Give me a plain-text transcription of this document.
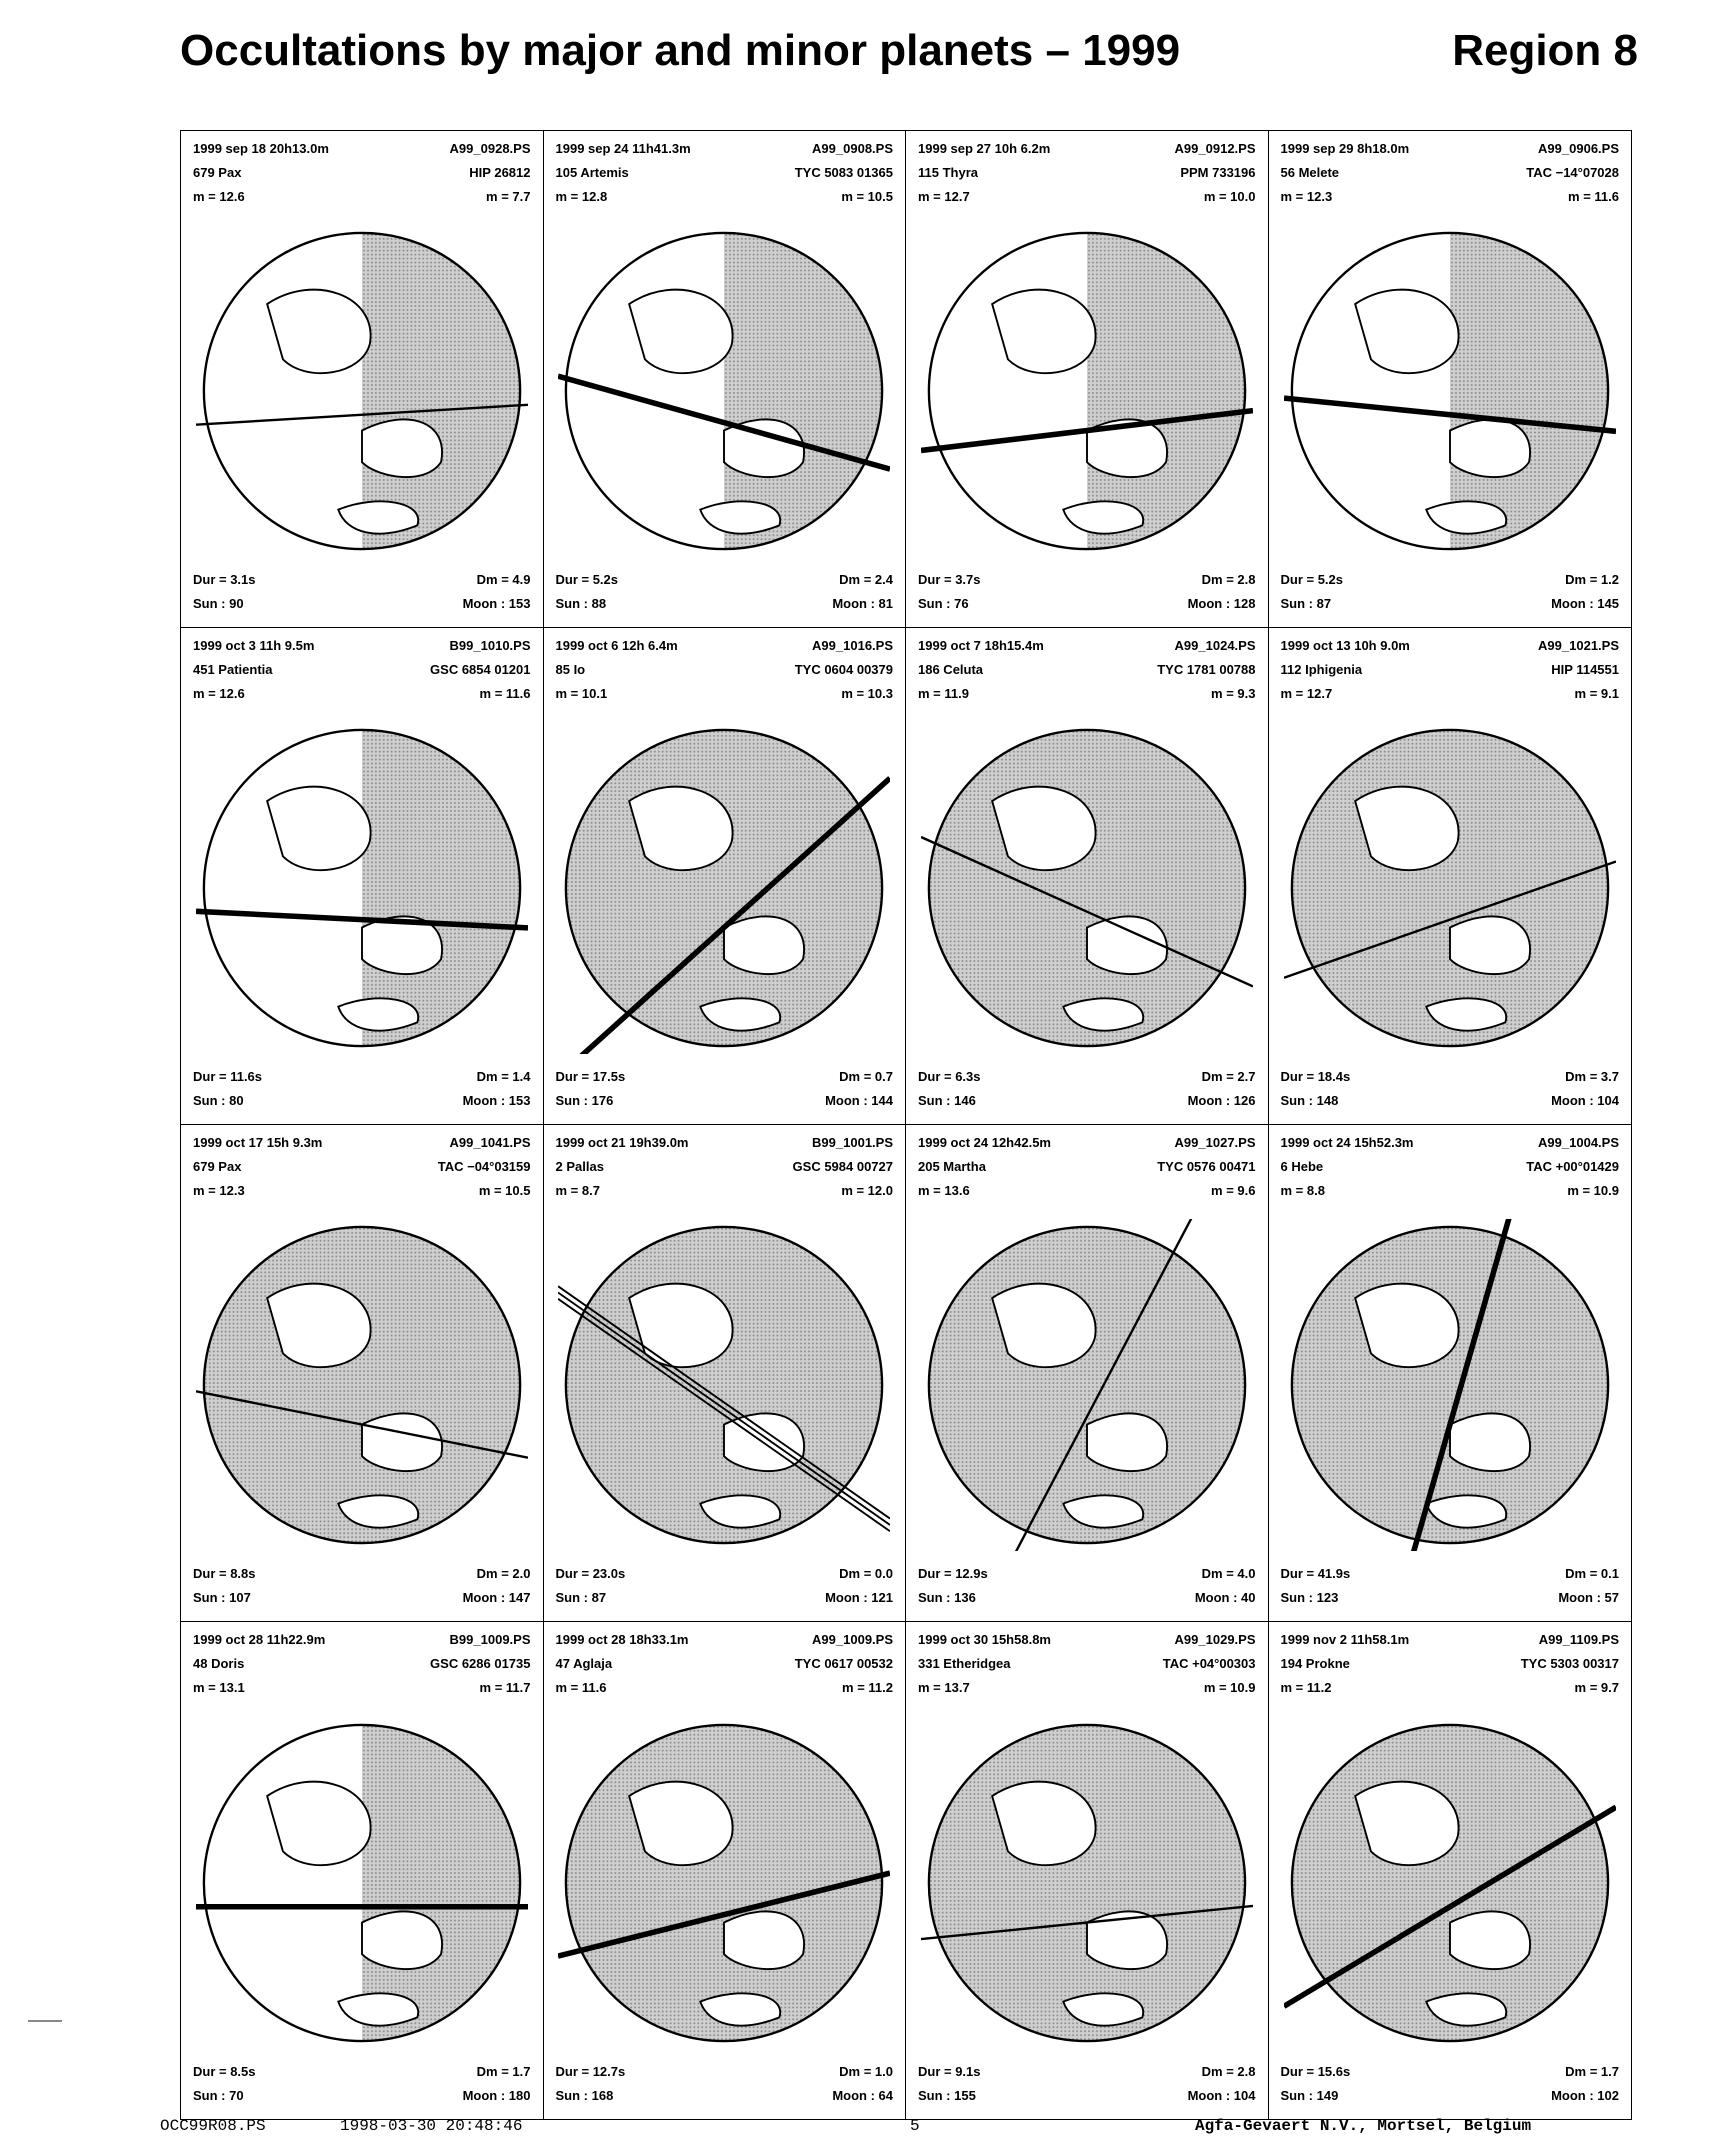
Occultations by major and minor planets – 1999	Region 8
1999 sep 18 20h13.0m	A99_0928.PS
679 Pax	HIP 26812
m = 12.6	m = 7.7
Dur = 3.1s	Dm = 4.9
Sun : 90	Moon : 153
1999 sep 24 11h41.3m	A99_0908.PS
105 Artemis	TYC 5083 01365
m = 12.8	m = 10.5
Dur = 5.2s	Dm = 2.4
Sun : 88	Moon : 81
1999 sep 27 10h 6.2m	A99_0912.PS
115 Thyra	PPM 733196
m = 12.7	m = 10.0
Dur = 3.7s	Dm = 2.8
Sun : 76	Moon : 128
1999 sep 29 8h18.0m	A99_0906.PS
56 Melete	TAC −14°07028
m = 12.3	m = 11.6
Dur = 5.2s	Dm = 1.2
Sun : 87	Moon : 145
1999 oct 3 11h 9.5m	B99_1010.PS
451 Patientia	GSC 6854 01201
m = 12.6	m = 11.6
Dur = 11.6s	Dm = 1.4
Sun : 80	Moon : 153
1999 oct 6 12h 6.4m	A99_1016.PS
85 Io	TYC 0604 00379
m = 10.1	m = 10.3
Dur = 17.5s	Dm = 0.7
Sun : 176	Moon : 144
1999 oct 7 18h15.4m	A99_1024.PS
186 Celuta	TYC 1781 00788
m = 11.9	m = 9.3
Dur = 6.3s	Dm = 2.7
Sun : 146	Moon : 126
1999 oct 13 10h 9.0m	A99_1021.PS
112 Iphigenia	HIP 114551
m = 12.7	m = 9.1
Dur = 18.4s	Dm = 3.7
Sun : 148	Moon : 104
1999 oct 17 15h 9.3m	A99_1041.PS
679 Pax	TAC −04°03159
m = 12.3	m = 10.5
Dur = 8.8s	Dm = 2.0
Sun : 107	Moon : 147
1999 oct 21 19h39.0m	B99_1001.PS
2 Pallas	GSC 5984 00727
m = 8.7	m = 12.0
Dur = 23.0s	Dm = 0.0
Sun : 87	Moon : 121
1999 oct 24 12h42.5m	A99_1027.PS
205 Martha	TYC 0576 00471
m = 13.6	m = 9.6
Dur = 12.9s	Dm = 4.0
Sun : 136	Moon : 40
1999 oct 24 15h52.3m	A99_1004.PS
6 Hebe	TAC +00°01429
m = 8.8	m = 10.9
Dur = 41.9s	Dm = 0.1
Sun : 123	Moon : 57
1999 oct 28 11h22.9m	B99_1009.PS
48 Doris	GSC 6286 01735
m = 13.1	m = 11.7
Dur = 8.5s	Dm = 1.7
Sun : 70	Moon : 180
1999 oct 28 18h33.1m	A99_1009.PS
47 Aglaja	TYC 0617 00532
m = 11.6	m = 11.2
Dur = 12.7s	Dm = 1.0
Sun : 168	Moon : 64
1999 oct 30 15h58.8m	A99_1029.PS
331 Etheridgea	TAC +04°00303
m = 13.7	m = 10.9
Dur = 9.1s	Dm = 2.8
Sun : 155	Moon : 104
1999 nov 2 11h58.1m	A99_1109.PS
194 Prokne	TYC 5303 00317
m = 11.2	m = 9.7
Dur = 15.6s	Dm = 1.7
Sun : 149	Moon : 102
OCC99R08.PS	1998-03-30 20:48:46	5	Agfa-Gevaert N.V., Mortsel, Belgium
